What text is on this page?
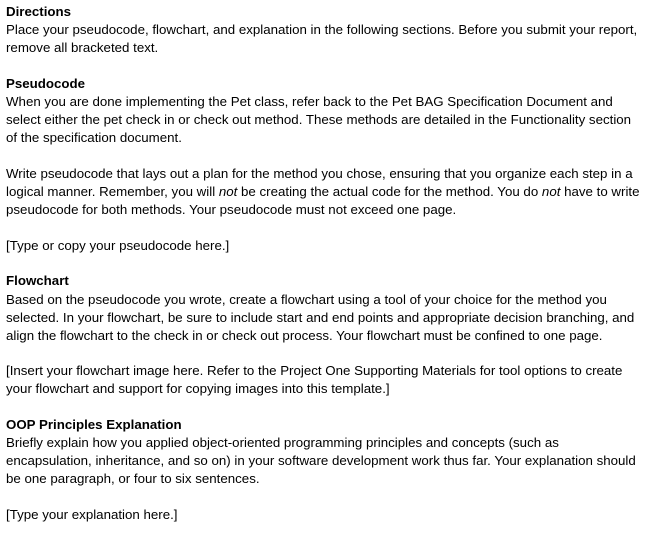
Directions

Place your pseudocode, flowchart, and explanation in the following sections. Before you submit your report, remove all bracketed text.

Pseudocode

When you are done implementing the Pet class, refer back to the Pet BAG Specification Document and select either the pet check in or check out method. These methods are detailed in the Functionality section of the specification document.

Write pseudocode that lays out a plan for the method you chose, ensuring that you organize each step in a logical manner. Remember, you will not be creating the actual code for the method. You do not have to write pseudocode for both methods. Your pseudocode must not exceed one page.

[Type or copy your pseudocode here.]

Flowchart

Based on the pseudocode you wrote, create a flowchart using a tool of your choice for the method you selected. In your flowchart, be sure to include start and end points and appropriate decision branching, and align the flowchart to the check in or check out process. Your flowchart must be confined to one page.

[Insert your flowchart image here. Refer to the Project One Supporting Materials for tool options to create your flowchart and support for copying images into this template.]

OOP Principles Explanation

Briefly explain how you applied object-oriented programming principles and concepts (such as encapsulation, inheritance, and so on) in your software development work thus far. Your explanation should be one paragraph, or four to six sentences.

[Type your explanation here.]
